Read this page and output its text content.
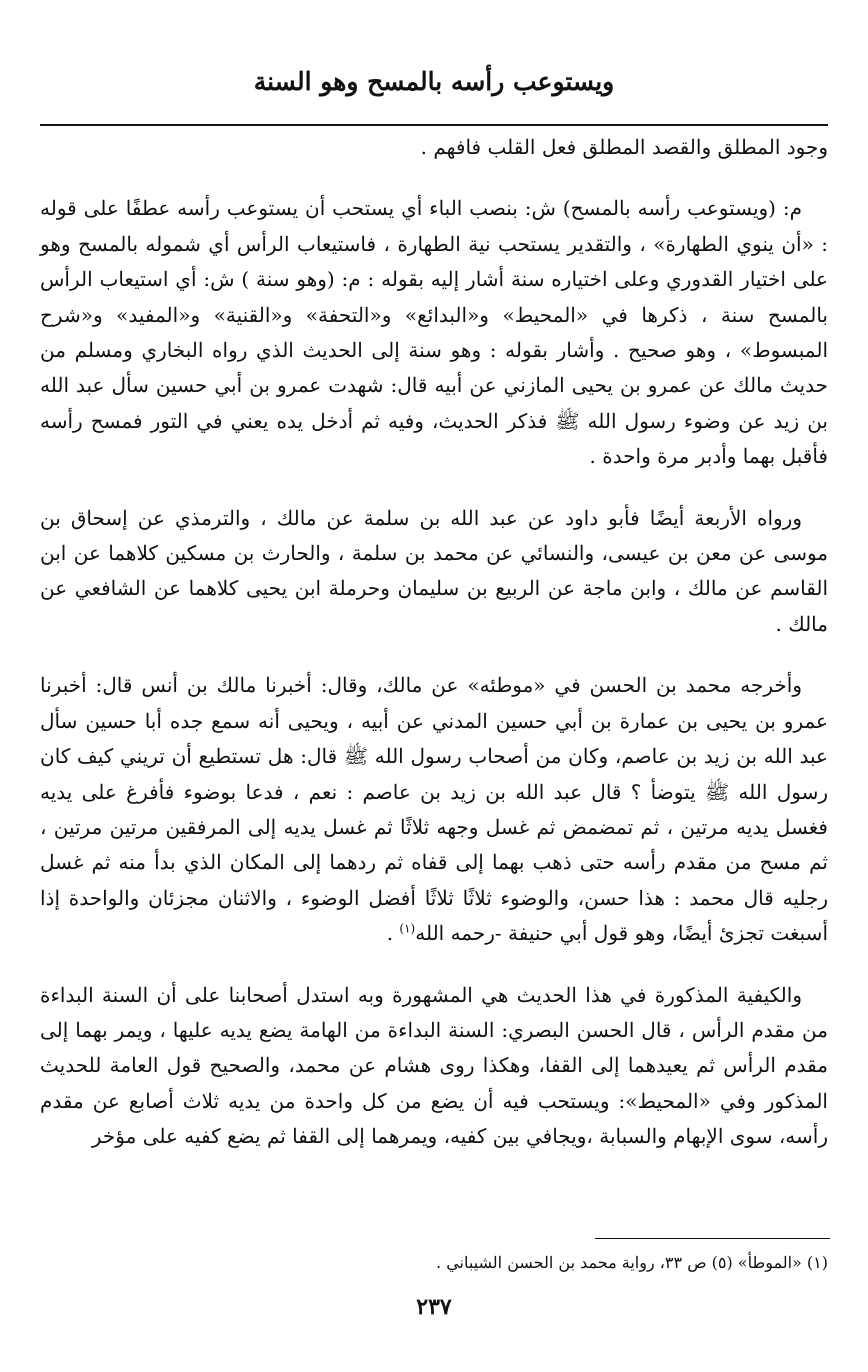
ويستوعب رأسه بالمسح وهو السنة

وجود المطلق والقصد المطلق فعل القلب فافهم .

م: (ويستوعب رأسه بالمسح) ش: بنصب الباء أي يستحب أن يستوعب رأسه عطفًا على قوله : «أن ينوي الطهارة» ، والتقدير يستحب نية الطهارة ، فاستيعاب الرأس أي شموله بالمسح وهو على اختيار القدوري وعلى اختياره سنة أشار إليه بقوله : م: (وهو سنة ) ش: أي استيعاب الرأس بالمسح سنة ، ذكرها في «المحيط» و«البدائع» و«التحفة» و«القنية» و«المفيد» و«شرح المبسوط» ، وهو صحيح . وأشار بقوله : وهو سنة إلى الحديث الذي رواه البخاري ومسلم من حديث مالك عن عمرو بن يحيى المازني عن أبيه قال: شهدت عمرو بن أبي حسين سأل عبد الله بن زيد عن وضوء رسول الله ﷺ فذكر الحديث، وفيه ثم أدخل يده يعني في التور فمسح رأسه فأقبل بهما وأدبر مرة واحدة .

ورواه الأربعة أيضًا فأبو داود عن عبد الله بن سلمة عن مالك ، والترمذي عن إسحاق بن موسى عن معن بن عيسى، والنسائي عن محمد بن سلمة ، والحارث بن مسكين كلاهما عن ابن القاسم عن مالك ، وابن ماجة عن الربيع بن سليمان وحرملة ابن يحيى كلاهما عن الشافعي عن مالك .

وأخرجه محمد بن الحسن في «موطئه» عن مالك، وقال: أخبرنا مالك بن أنس قال: أخبرنا عمرو بن يحيى بن عمارة بن أبي حسين المدني عن أبيه ، ويحيى أنه سمع جده أبا حسين سأل عبد الله بن زيد بن عاصم، وكان من أصحاب رسول الله ﷺ قال: هل تستطيع أن تريني كيف كان رسول الله ﷺ يتوضأ ؟ قال عبد الله بن زيد بن عاصم : نعم ، فدعا بوضوء فأفرغ على يديه فغسل يديه مرتين ، ثم تمضمض ثم غسل وجهه ثلاثًا ثم غسل يديه إلى المرفقين مرتين مرتين ، ثم مسح من مقدم رأسه حتى ذهب بهما إلى قفاه ثم ردهما إلى المكان الذي بدأ منه ثم غسل رجليه قال محمد : هذا حسن، والوضوء ثلاثًا ثلاثًا أفضل الوضوء ، والاثنان مجزئان والواحدة إذا أسبغت تجزئ أيضًا، وهو قول أبي حنيفة -رحمه الله$^{(١)}$ .

والكيفية المذكورة في هذا الحديث هي المشهورة وبه استدل أصحابنا على أن السنة البداءة من مقدم الرأس ، قال الحسن البصري: السنة البداءة من الهامة يضع يديه عليها ، ويمر بهما إلى مقدم الرأس ثم يعيدهما إلى القفا، وهكذا روى هشام عن محمد، والصحيح قول العامة للحديث المذكور وفي «المحيط»: ويستحب فيه أن يضع من كل واحدة من يديه ثلاث أصابع عن مقدم رأسه، سوى الإبهام والسبابة ،ويجافي بين كفيه، ويمرهما إلى القفا ثم يضع كفيه على مؤخر

(١) «الموطأ» (٥) ص ٣٣، رواية محمد بن الحسن الشيباني .
٢٣٧
